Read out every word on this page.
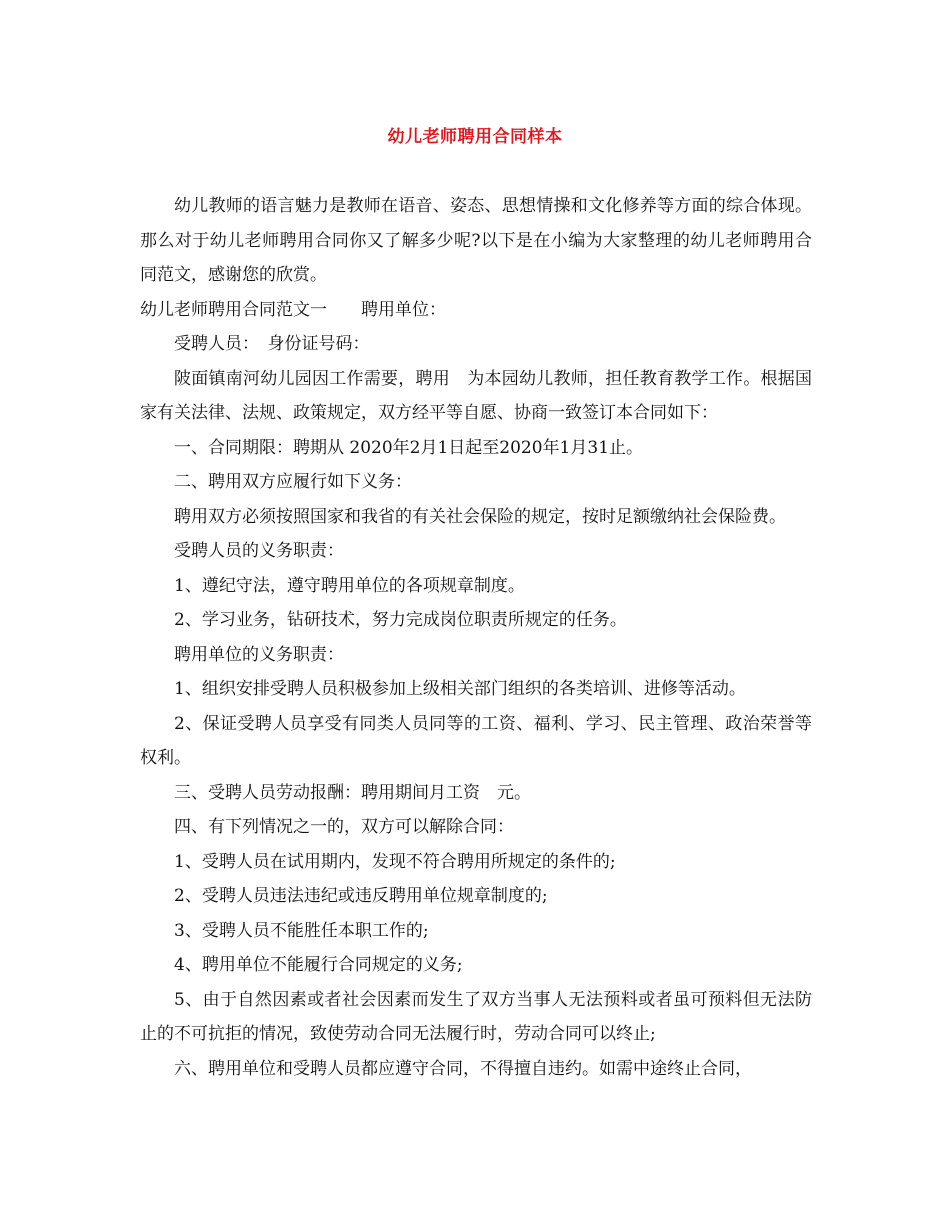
幼儿老师聘用合同样本

幼儿教师的语言魅力是教师在语音、姿态、思想情操和文化修养等方面的综合体现。那么对于幼儿老师聘用合同你又了解多少呢?以下是在小编为大家整理的幼儿老师聘用合同范文，感谢您的欣赏。

幼儿老师聘用合同范文一　　聘用单位：

受聘人员：　身份证号码：

陂面镇南河幼儿园因工作需要，聘用　为本园幼儿教师，担任教育教学工作。根据国家有关法律、法规、政策规定，双方经平等自愿、协商一致签订本合同如下：

一、合同期限：聘期从 2020年2月1日起至2020年1月31止。

二、聘用双方应履行如下义务：

聘用双方必须按照国家和我省的有关社会保险的规定，按时足额缴纳社会保险费。

受聘人员的义务职责：

1、遵纪守法，遵守聘用单位的各项规章制度。

2、学习业务，钻研技术，努力完成岗位职责所规定的任务。

聘用单位的义务职责：

1、组织安排受聘人员积极参加上级相关部门组织的各类培训、进修等活动。

2、保证受聘人员享受有同类人员同等的工资、福利、学习、民主管理、政治荣誉等权利。

三、受聘人员劳动报酬：聘用期间月工资　元。

四、有下列情况之一的，双方可以解除合同：

1、受聘人员在试用期内，发现不符合聘用所规定的条件的;

2、受聘人员违法违纪或违反聘用单位规章制度的;

3、受聘人员不能胜任本职工作的;

4、聘用单位不能履行合同规定的义务;

5、由于自然因素或者社会因素而发生了双方当事人无法预料或者虽可预料但无法防止的不可抗拒的情况，致使劳动合同无法履行时，劳动合同可以终止;

六、聘用单位和受聘人员都应遵守合同，不得擅自违约。如需中途终止合同，
